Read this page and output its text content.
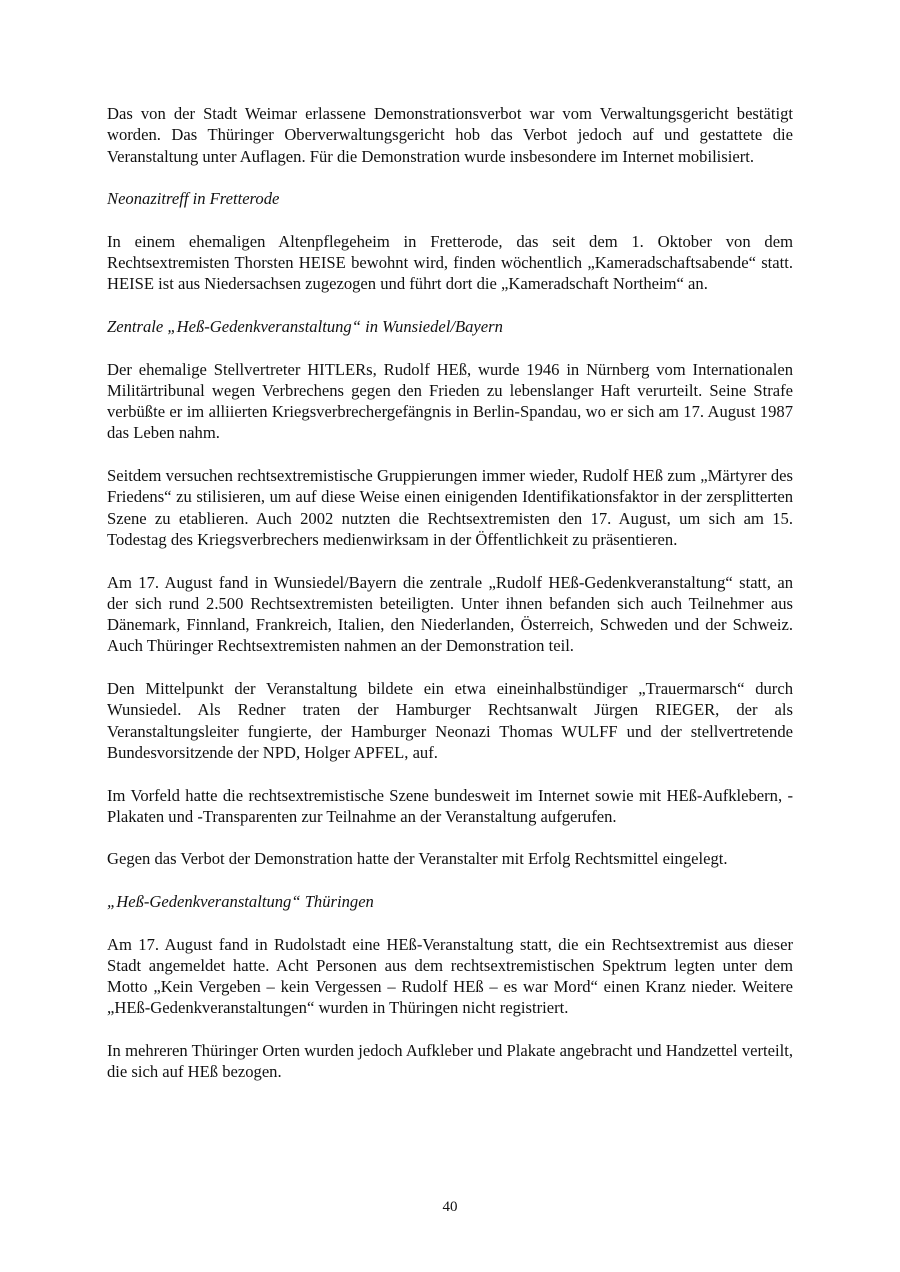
Das von der Stadt Weimar erlassene Demonstrationsverbot war vom Verwaltungsgericht bestätigt worden. Das Thüringer Oberverwaltungsgericht hob das Verbot jedoch auf und gestattete die Veranstaltung unter Auflagen. Für die Demonstration wurde insbesondere im Internet mobilisiert.

Neonazitreff in Fretterode

In einem ehemaligen Altenpflegeheim in Fretterode, das seit dem 1. Oktober von dem Rechtsextremisten Thorsten HEISE bewohnt wird, finden wöchentlich „Kameradschaftsabende“ statt. HEISE ist aus Niedersachsen zugezogen und führt dort die „Kameradschaft Northeim“ an.

Zentrale „Heß-Gedenkveranstaltung“ in Wunsiedel/Bayern

Der ehemalige Stellvertreter HITLERs, Rudolf HEß, wurde 1946 in Nürnberg vom Internationalen Militärtribunal wegen Verbrechens gegen den Frieden zu lebenslanger Haft verurteilt. Seine Strafe verbüßte er im alliierten Kriegsverbrechergefängnis in Berlin-Spandau, wo er sich am 17. August 1987 das Leben nahm.

Seitdem versuchen rechtsextremistische Gruppierungen immer wieder, Rudolf HEß zum „Märtyrer des Friedens“ zu stilisieren, um auf diese Weise einen einigenden Identifikationsfaktor in der zersplitterten Szene zu etablieren. Auch 2002 nutzten die Rechtsextremisten den 17. August, um sich am 15. Todestag des Kriegsverbrechers medienwirksam in der Öffentlichkeit zu präsentieren.

Am 17. August fand in Wunsiedel/Bayern die zentrale „Rudolf HEß-Gedenkveranstaltung“ statt, an der sich rund 2.500 Rechtsextremisten beteiligten. Unter ihnen befanden sich auch Teilnehmer aus Dänemark, Finnland, Frankreich, Italien, den Niederlanden, Österreich, Schweden und der Schweiz. Auch Thüringer Rechtsextremisten nahmen an der Demonstration teil.

Den Mittelpunkt der Veranstaltung bildete ein etwa eineinhalbstündiger „Trauermarsch“ durch Wunsiedel. Als Redner traten der Hamburger Rechtsanwalt Jürgen RIEGER, der als Veranstaltungsleiter fungierte, der Hamburger Neonazi Thomas WULFF und der stellvertretende Bundesvorsitzende der NPD, Holger APFEL, auf.

Im Vorfeld hatte die rechtsextremistische Szene bundesweit im Internet sowie mit HEß-Aufklebern, -Plakaten und -Transparenten zur Teilnahme an der Veranstaltung aufgerufen.

Gegen das Verbot der Demonstration hatte der Veranstalter mit Erfolg Rechtsmittel eingelegt.

„Heß-Gedenkveranstaltung“ Thüringen

Am 17. August fand in Rudolstadt eine HEß-Veranstaltung statt, die ein Rechtsextremist aus dieser Stadt angemeldet hatte. Acht Personen aus dem rechtsextremistischen Spektrum legten unter dem Motto „Kein Vergeben – kein Vergessen – Rudolf HEß – es war Mord“ einen Kranz nieder. Weitere „HEß-Gedenkveranstaltungen“ wurden in Thüringen nicht registriert.

In mehreren Thüringer Orten wurden jedoch Aufkleber und Plakate angebracht und Handzettel verteilt, die sich auf HEß bezogen.

40
